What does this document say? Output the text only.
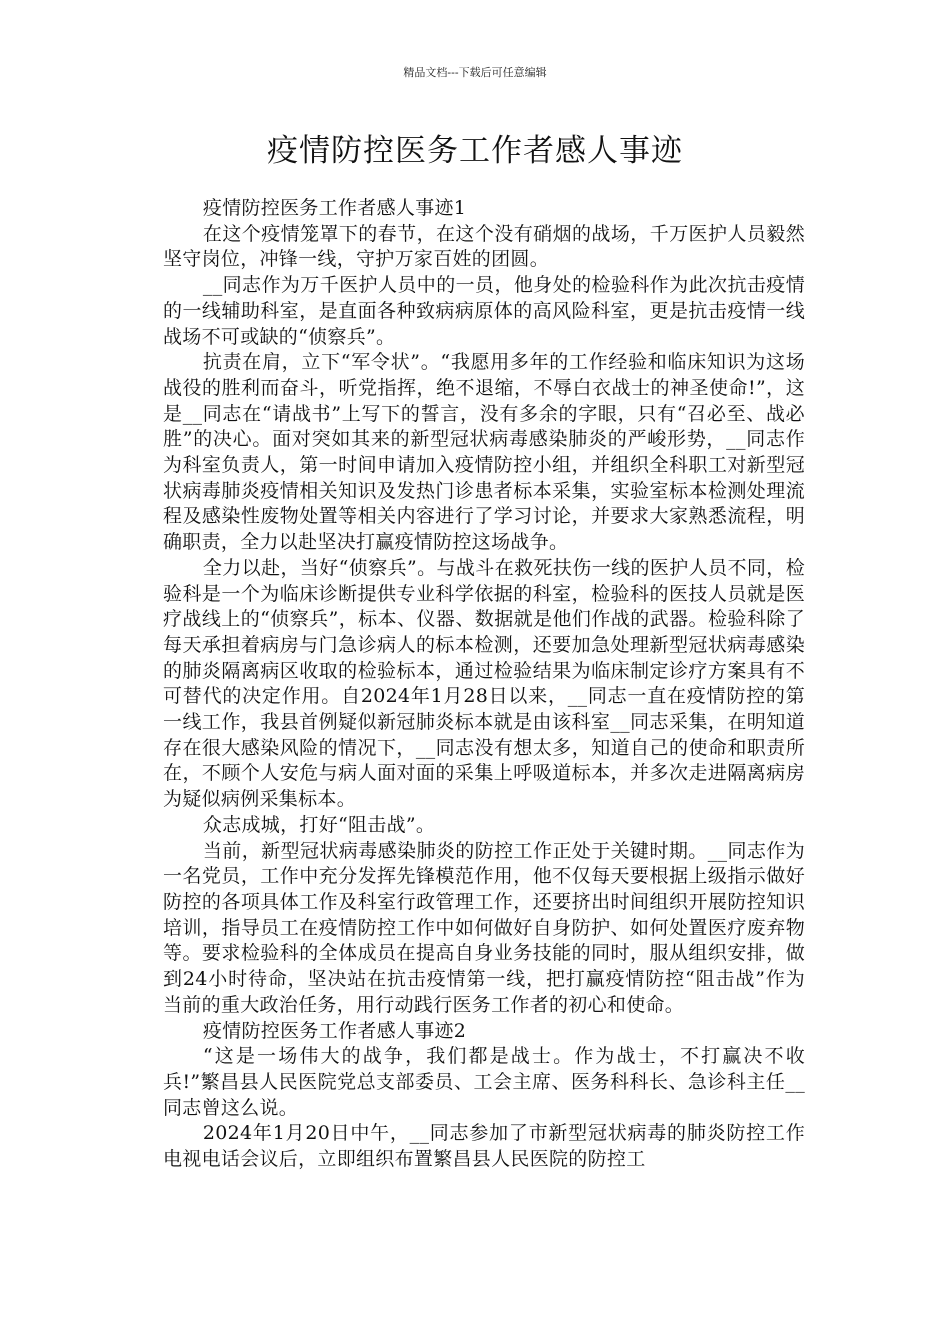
精品文档---下载后可任意编辑
疫情防控医务工作者感人事迹

疫情防控医务工作者感人事迹1

在这个疫情笼罩下的春节，在这个没有硝烟的战场，千万医护人员毅然坚守岗位，冲锋一线，守护万家百姓的团圆。

__同志作为万千医护人员中的一员，他身处的检验科作为此次抗击疫情的一线辅助科室，是直面各种致病病原体的高风险科室，更是抗击疫情一线战场不可或缺的“侦察兵”。

抗责在肩，立下“军令状”。“我愿用多年的工作经验和临床知识为这场战役的胜利而奋斗，听党指挥，绝不退缩，不辱白衣战士的神圣使命!”，这是__同志在“请战书”上写下的誓言，没有多余的字眼，只有“召必至、战必胜”的决心。面对突如其来的新型冠状病毒感染肺炎的严峻形势，__同志作为科室负责人，第一时间申请加入疫情防控小组，并组织全科职工对新型冠状病毒肺炎疫情相关知识及发热门诊患者标本采集，实验室标本检测处理流程及感染性废物处置等相关内容进行了学习讨论，并要求大家熟悉流程，明确职责，全力以赴坚决打赢疫情防控这场战争。

全力以赴，当好“侦察兵”。与战斗在救死扶伤一线的医护人员不同，检验科是一个为临床诊断提供专业科学依据的科室，检验科的医技人员就是医疗战线上的“侦察兵”，标本、仪器、数据就是他们作战的武器。检验科除了每天承担着病房与门急诊病人的标本检测，还要加急处理新型冠状病毒感染的肺炎隔离病区收取的检验标本，通过检验结果为临床制定诊疗方案具有不可替代的决定作用。自2024年1月28日以来，__同志一直在疫情防控的第一线工作，我县首例疑似新冠肺炎标本就是由该科室__同志采集，在明知道存在很大感染风险的情况下，__同志没有想太多，知道自己的使命和职责所在，不顾个人安危与病人面对面的采集上呼吸道标本，并多次走进隔离病房为疑似病例采集标本。

众志成城，打好“阻击战”。

当前，新型冠状病毒感染肺炎的防控工作正处于关键时期。__同志作为一名党员，工作中充分发挥先锋模范作用，他不仅每天要根据上级指示做好防控的各项具体工作及科室行政管理工作，还要挤出时间组织开展防控知识培训，指导员工在疫情防控工作中如何做好自身防护、如何处置医疗废弃物等。要求检验科的全体成员在提高自身业务技能的同时，服从组织安排，做到24小时待命，坚决站在抗击疫情第一线，把打赢疫情防控“阻击战”作为当前的重大政治任务，用行动践行医务工作者的初心和使命。

疫情防控医务工作者感人事迹2

“这是一场伟大的战争，我们都是战士。作为战士，不打赢决不收兵!”繁昌县人民医院党总支部委员、工会主席、医务科科长、急诊科主任__同志曾这么说。

2024年1月20日中午，__同志参加了市新型冠状病毒的肺炎防控工作电视电话会议后，立即组织布置繁昌县人民医院的防控工
